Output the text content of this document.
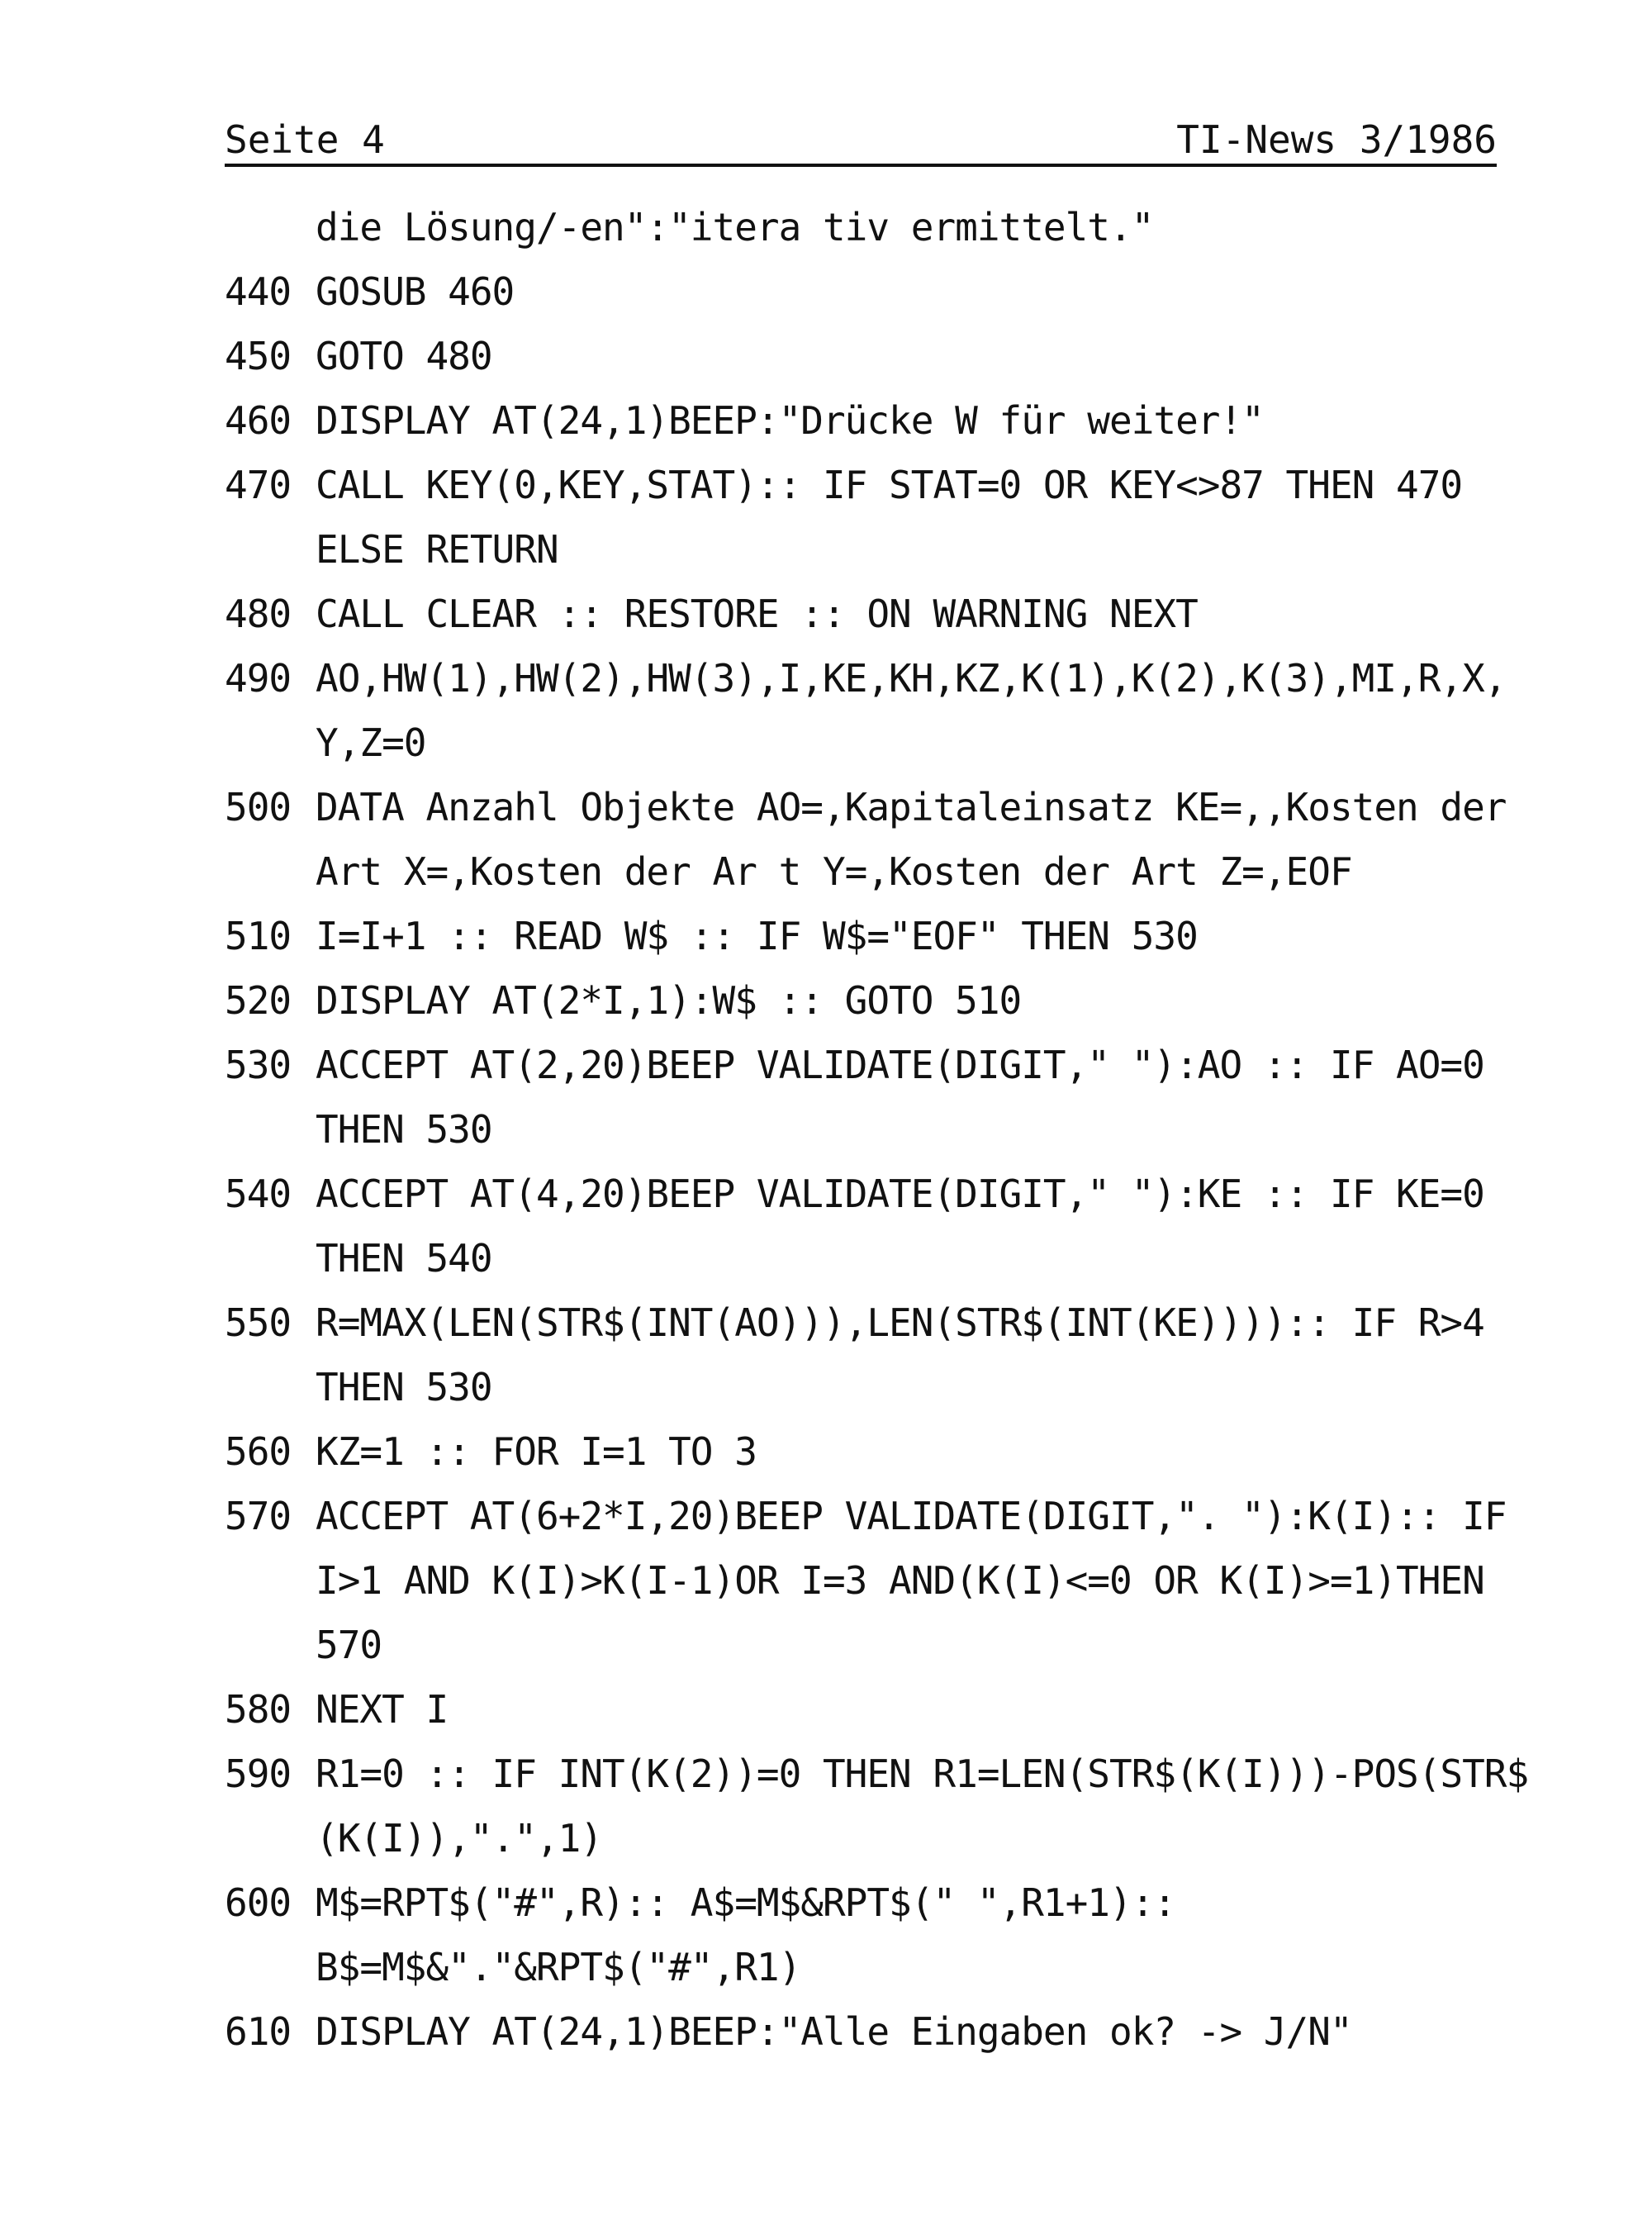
Seite 4	TI-News 3/1986
die Lösung/-en":"itera tiv ermittelt."
440 GOSUB 460
450 GOTO 480
460 DISPLAY AT(24,1)BEEP:"Drücke W für weiter!"
470 CALL KEY(0,KEY,STAT):: IF STAT=0 OR KEY<>87 THEN 470
ELSE RETURN
480 CALL CLEAR :: RESTORE :: ON WARNING NEXT
490 AO,HW(1),HW(2),HW(3),I,KE,KH,KZ,K(1),K(2),K(3),MI,R,X,
Y,Z=0
500 DATA Anzahl Objekte AO=,Kapitaleinsatz KE=,,Kosten der
Art X=,Kosten der Ar t Y=,Kosten der Art Z=,EOF
510 I=I+1 :: READ W$ :: IF W$="EOF" THEN 530
520 DISPLAY AT(2*I,1):W$ :: GOTO 510
530 ACCEPT AT(2,20)BEEP VALIDATE(DIGIT," "):AO :: IF AO=0
THEN 530
540 ACCEPT AT(4,20)BEEP VALIDATE(DIGIT," "):KE :: IF KE=0
THEN 540
550 R=MAX(LEN(STR$(INT(AO))),LEN(STR$(INT(KE)))):: IF R>4
THEN 530
560 KZ=1 :: FOR I=1 TO 3
570 ACCEPT AT(6+2*I,20)BEEP VALIDATE(DIGIT,". "):K(I):: IF
I>1 AND K(I)>K(I-1)OR I=3 AND(K(I)<=0 OR K(I)>=1)THEN
570
580 NEXT I
590 R1=0 :: IF INT(K(2))=0 THEN R1=LEN(STR$(K(I)))-POS(STR$
(K(I)),".",1)
600 M$=RPT$("#",R):: A$=M$&RPT$(" ",R1+1)::
B$=M$&"."&RPT$("#",R1)
610 DISPLAY AT(24,1)BEEP:"Alle Eingaben ok? -> J/N"
